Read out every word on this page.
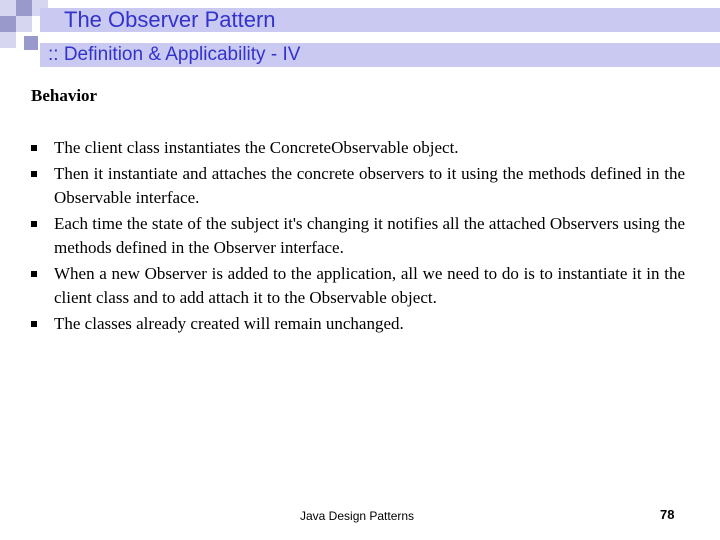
The Observer Pattern
:: Definition & Applicability - IV
Behavior
The client class instantiates the ConcreteObservable object.
Then it instantiate and attaches the concrete observers to it using the methods defined in the Observable interface.
Each time the state of the subject it's changing it notifies all the attached Observers using the methods defined in the Observer interface.
When a new Observer is added to the application, all we need to do is to instantiate it in the client class and to add attach it to the Observable object.
The classes already created will remain unchanged.
Java Design Patterns	78
